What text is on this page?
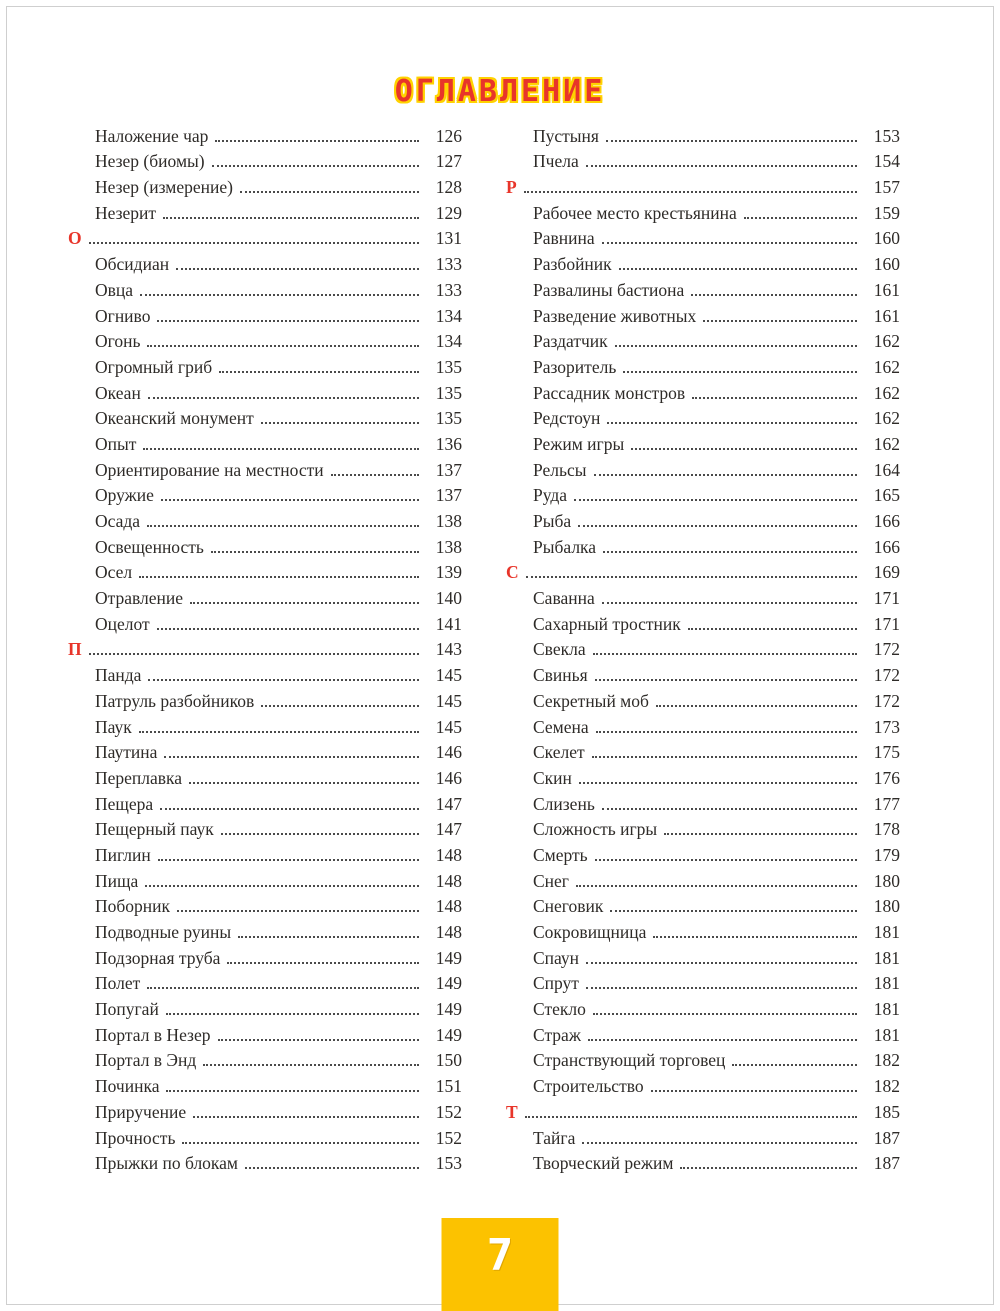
ОГЛАВЛЕНИЕ
Наложение чар	126
Незер (биомы)	127
Незер (измерение)	128
Незерит	129
О	131
Обсидиан	133
Овца	133
Огниво	134
Огонь	134
Огромный гриб	135
Океан	135
Океанский монумент	135
Опыт	136
Ориентирование на местности	137
Оружие	137
Осада	138
Освещенность	138
Осел	139
Отравление	140
Оцелот	141
П	143
Панда	145
Патруль разбойников	145
Паук	145
Паутина	146
Переплавка	146
Пещера	147
Пещерный паук	147
Пиглин	148
Пища	148
Поборник	148
Подводные руины	148
Подзорная труба	149
Полет	149
Попугай	149
Портал в Незер	149
Портал в Энд	150
Починка	151
Приручение	152
Прочность	152
Прыжки по блокам	153
Пустыня	153
Пчела	154
Р	157
Рабочее место крестьянина	159
Равнина	160
Разбойник	160
Развалины бастиона	161
Разведение животных	161
Раздатчик	162
Разоритель	162
Рассадник монстров	162
Редстоун	162
Режим игры	162
Рельсы	164
Руда	165
Рыба	166
Рыбалка	166
С	169
Саванна	171
Сахарный тростник	171
Свекла	172
Свинья	172
Секретный моб	172
Семена	173
Скелет	175
Скин	176
Слизень	177
Сложность игры	178
Смерть	179
Снег	180
Снеговик	180
Сокровищница	181
Спаун	181
Спрут	181
Стекло	181
Страж	181
Странствующий торговец	182
Строительство	182
Т	185
Тайга	187
Творческий режим	187
7
